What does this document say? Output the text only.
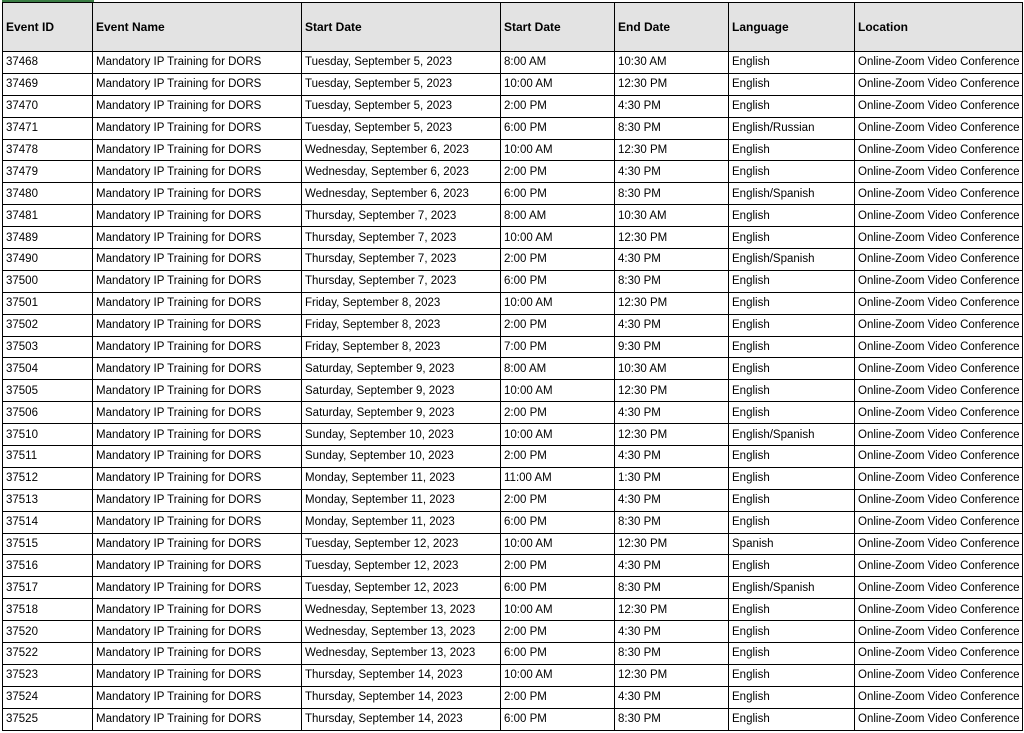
Event ID	Event Name	Start Date	Start Date	End Date	Language	Location
37468	Mandatory IP Training for DORS	Tuesday, September 5, 2023	8:00 AM	10:30 AM	English	Online-Zoom Video Conference
37469	Mandatory IP Training for DORS	Tuesday, September 5, 2023	10:00 AM	12:30 PM	English	Online-Zoom Video Conference
37470	Mandatory IP Training for DORS	Tuesday, September 5, 2023	2:00 PM	4:30 PM	English	Online-Zoom Video Conference
37471	Mandatory IP Training for DORS	Tuesday, September 5, 2023	6:00 PM	8:30 PM	English/Russian	Online-Zoom Video Conference
37478	Mandatory IP Training for DORS	Wednesday, September 6, 2023	10:00 AM	12:30 PM	English	Online-Zoom Video Conference
37479	Mandatory IP Training for DORS	Wednesday, September 6, 2023	2:00 PM	4:30 PM	English	Online-Zoom Video Conference
37480	Mandatory IP Training for DORS	Wednesday, September 6, 2023	6:00 PM	8:30 PM	English/Spanish	Online-Zoom Video Conference
37481	Mandatory IP Training for DORS	Thursday, September 7, 2023	8:00 AM	10:30 AM	English	Online-Zoom Video Conference
37489	Mandatory IP Training for DORS	Thursday, September 7, 2023	10:00 AM	12:30 PM	English	Online-Zoom Video Conference
37490	Mandatory IP Training for DORS	Thursday, September 7, 2023	2:00 PM	4:30 PM	English/Spanish	Online-Zoom Video Conference
37500	Mandatory IP Training for DORS	Thursday, September 7, 2023	6:00 PM	8:30 PM	English	Online-Zoom Video Conference
37501	Mandatory IP Training for DORS	Friday, September 8, 2023	10:00 AM	12:30 PM	English	Online-Zoom Video Conference
37502	Mandatory IP Training for DORS	Friday, September 8, 2023	2:00 PM	4:30 PM	English	Online-Zoom Video Conference
37503	Mandatory IP Training for DORS	Friday, September 8, 2023	7:00 PM	9:30 PM	English	Online-Zoom Video Conference
37504	Mandatory IP Training for DORS	Saturday, September 9, 2023	8:00 AM	10:30 AM	English	Online-Zoom Video Conference
37505	Mandatory IP Training for DORS	Saturday, September 9, 2023	10:00 AM	12:30 PM	English	Online-Zoom Video Conference
37506	Mandatory IP Training for DORS	Saturday, September 9, 2023	2:00 PM	4:30 PM	English	Online-Zoom Video Conference
37510	Mandatory IP Training for DORS	Sunday, September 10, 2023	10:00 AM	12:30 PM	English/Spanish	Online-Zoom Video Conference
37511	Mandatory IP Training for DORS	Sunday, September 10, 2023	2:00 PM	4:30 PM	English	Online-Zoom Video Conference
37512	Mandatory IP Training for DORS	Monday, September 11, 2023	11:00 AM	1:30 PM	English	Online-Zoom Video Conference
37513	Mandatory IP Training for DORS	Monday, September 11, 2023	2:00 PM	4:30 PM	English	Online-Zoom Video Conference
37514	Mandatory IP Training for DORS	Monday, September 11, 2023	6:00 PM	8:30 PM	English	Online-Zoom Video Conference
37515	Mandatory IP Training for DORS	Tuesday, September 12, 2023	10:00 AM	12:30 PM	Spanish	Online-Zoom Video Conference
37516	Mandatory IP Training for DORS	Tuesday, September 12, 2023	2:00 PM	4:30 PM	English	Online-Zoom Video Conference
37517	Mandatory IP Training for DORS	Tuesday, September 12, 2023	6:00 PM	8:30 PM	English/Spanish	Online-Zoom Video Conference
37518	Mandatory IP Training for DORS	Wednesday, September 13, 2023	10:00 AM	12:30 PM	English	Online-Zoom Video Conference
37520	Mandatory IP Training for DORS	Wednesday, September 13, 2023	2:00 PM	4:30 PM	English	Online-Zoom Video Conference
37522	Mandatory IP Training for DORS	Wednesday, September 13, 2023	6:00 PM	8:30 PM	English	Online-Zoom Video Conference
37523	Mandatory IP Training for DORS	Thursday, September 14, 2023	10:00 AM	12:30 PM	English	Online-Zoom Video Conference
37524	Mandatory IP Training for DORS	Thursday, September 14, 2023	2:00 PM	4:30 PM	English	Online-Zoom Video Conference
37525	Mandatory IP Training for DORS	Thursday, September 14, 2023	6:00 PM	8:30 PM	English	Online-Zoom Video Conference
